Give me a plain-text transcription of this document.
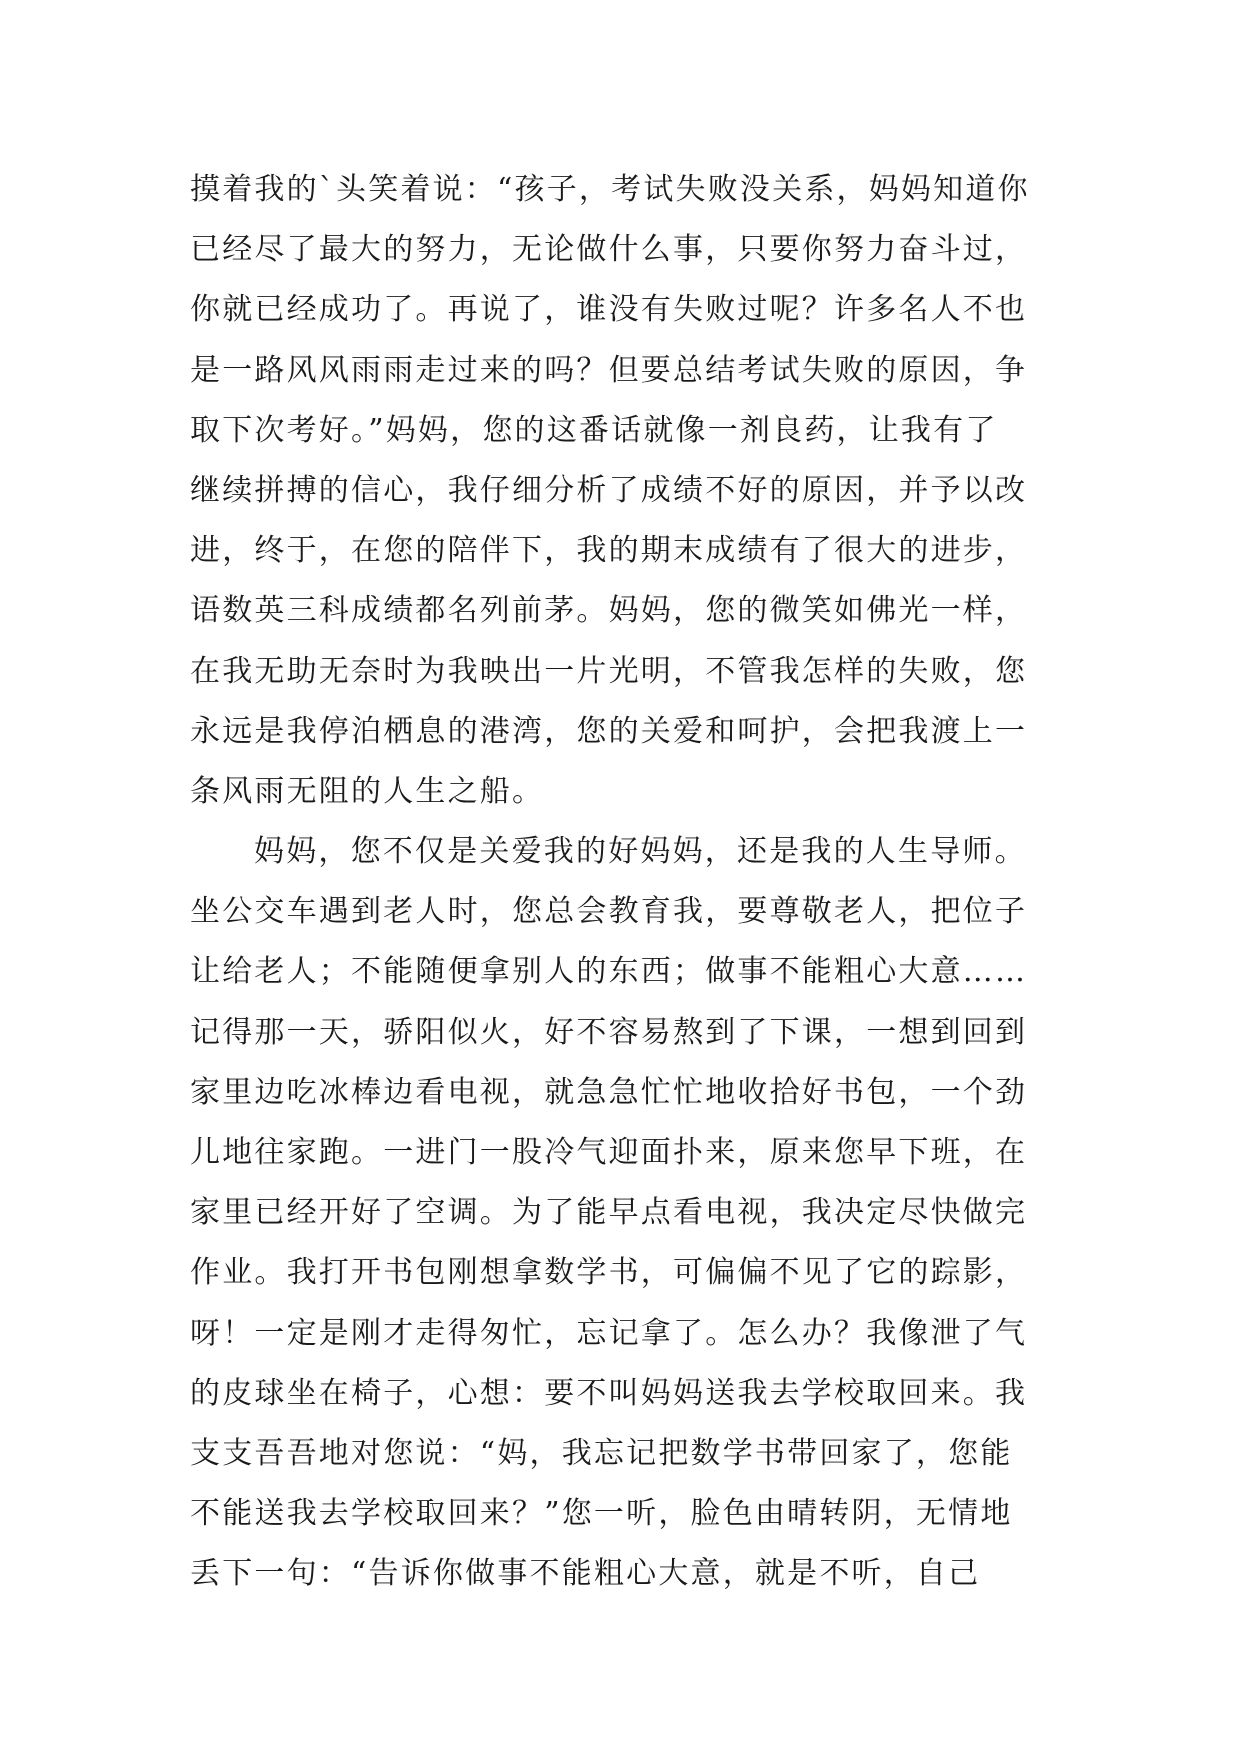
摸着我的`头笑着说：“孩子，考试失败没关系，妈妈知道你
已经尽了最大的努力，无论做什么事，只要你努力奋斗过，
你就已经成功了。再说了，谁没有失败过呢？许多名人不也
是一路风风雨雨走过来的吗？但要总结考试失败的原因，争
取下次考好。”妈妈，您的这番话就像一剂良药，让我有了
继续拼搏的信心，我仔细分析了成绩不好的原因，并予以改
进，终于，在您的陪伴下，我的期末成绩有了很大的进步，
语数英三科成绩都名列前茅。妈妈，您的微笑如佛光一样，
在我无助无奈时为我映出一片光明，不管我怎样的失败，您
永远是我停泊栖息的港湾，您的关爱和呵护，会把我渡上一
条风雨无阻的人生之船。
妈妈，您不仅是关爱我的好妈妈，还是我的人生导师。
坐公交车遇到老人时，您总会教育我，要尊敬老人，把位子
让给老人；不能随便拿别人的东西；做事不能粗心大意……
记得那一天，骄阳似火，好不容易熬到了下课，一想到回到
家里边吃冰棒边看电视，就急急忙忙地收拾好书包，一个劲
儿地往家跑。一进门一股冷气迎面扑来，原来您早下班，在
家里已经开好了空调。为了能早点看电视，我决定尽快做完
作业。我打开书包刚想拿数学书，可偏偏不见了它的踪影，
呀！一定是刚才走得匆忙，忘记拿了。怎么办？我像泄了气
的皮球坐在椅子，心想：要不叫妈妈送我去学校取回来。我
支支吾吾地对您说：“妈，我忘记把数学书带回家了，您能
不能送我去学校取回来？”您一听，脸色由晴转阴，无情地
丢下一句：“告诉你做事不能粗心大意，就是不听，自己
